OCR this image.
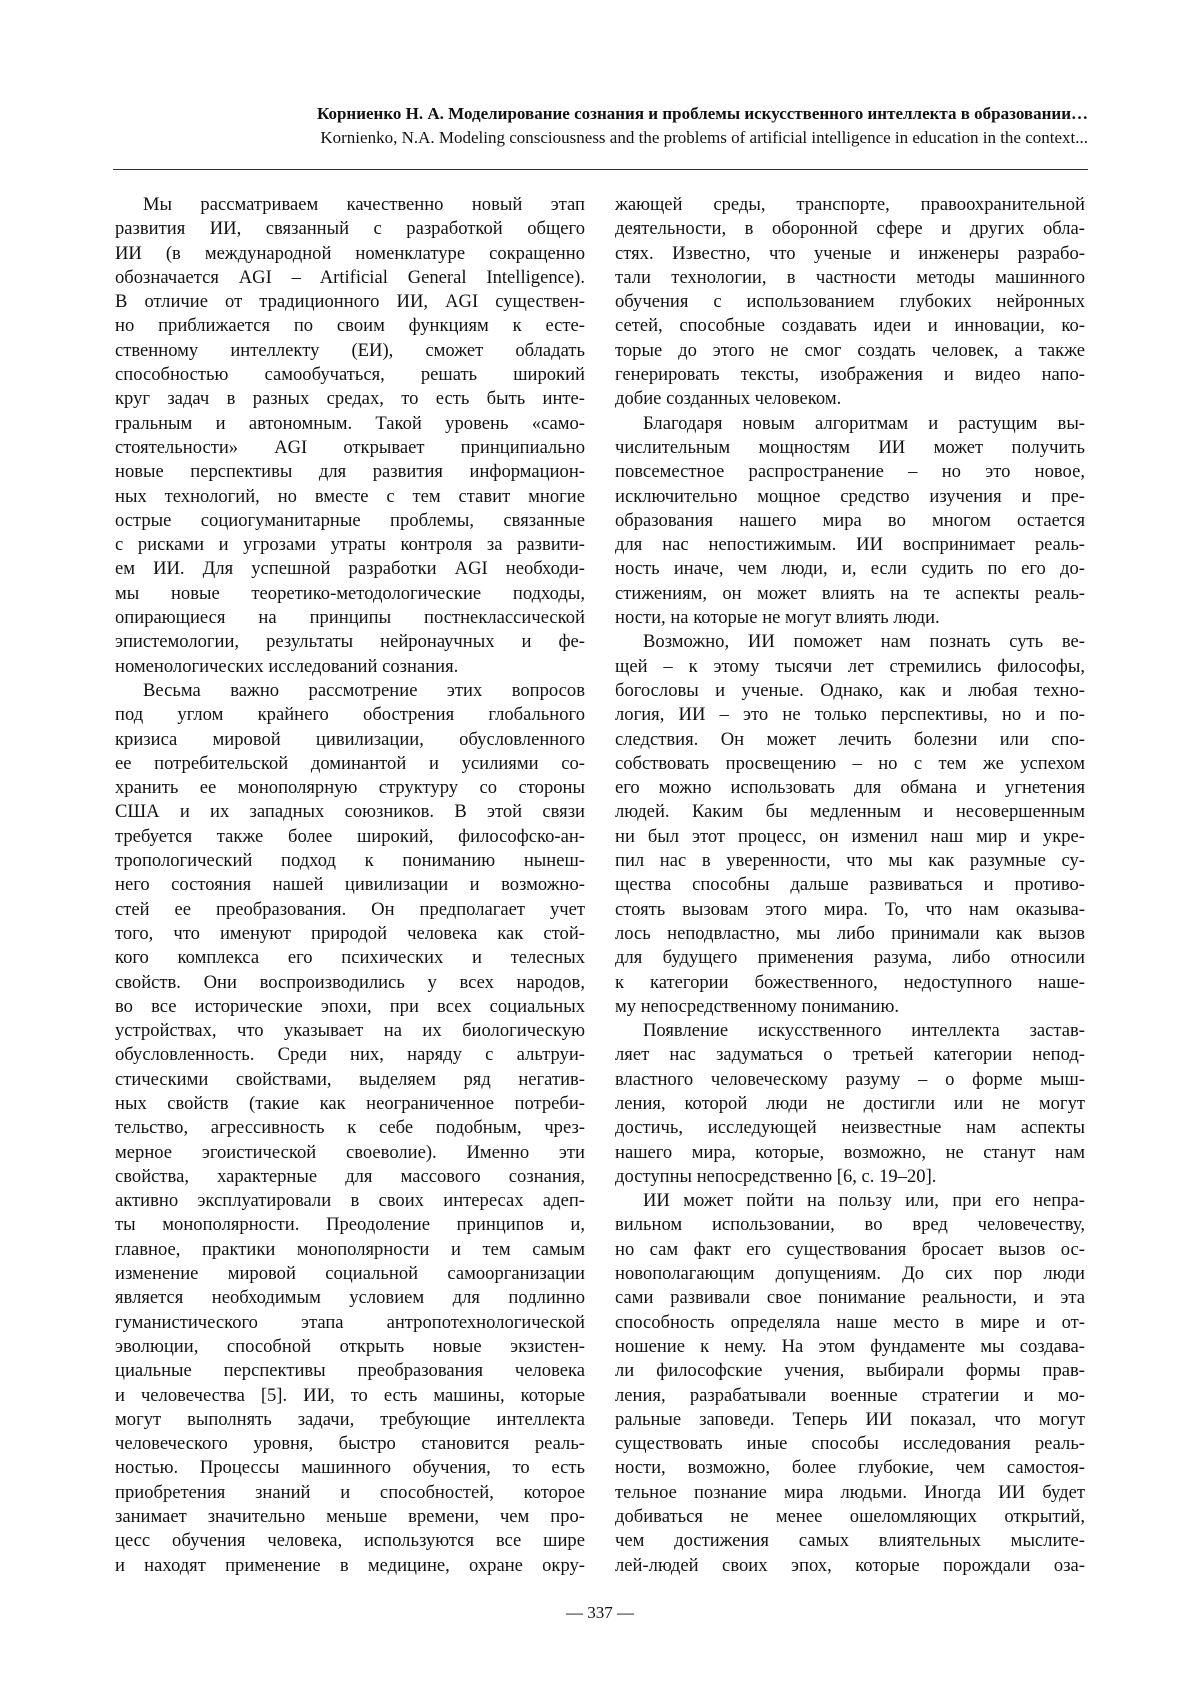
Корниенко Н. А. Моделирование сознания и проблемы искусственного интеллекта в образовании…
Kornienko, N.A. Modeling consciousness and the problems of artificial intelligence in education in the context...
Мы рассматриваем качественно новый этап
развития ИИ, связанный с разработкой общего
ИИ (в международной номенклатуре сокращенно
обозначается AGI – Artificial General Intelligence).
В отличие от традиционного ИИ, AGI существен-
но приближается по своим функциям к есте-
ственному интеллекту (ЕИ), сможет обладать
способностью самообучаться, решать широкий
круг задач в разных средах, то есть быть инте-
гральным и автономным. Такой уровень «само-
стоятельности» AGI открывает принципиально
новые перспективы для развития информацион-
ных технологий, но вместе с тем ставит многие
острые социогуманитарные проблемы, связанные
с рисками и угрозами утраты контроля за развити-
ем ИИ. Для успешной разработки AGI необходи-
мы новые теоретико-методологические подходы,
опирающиеся на принципы постнеклассической
эпистемологии, результаты нейронаучных и фе-
номенологических исследований сознания.
Весьма важно рассмотрение этих вопросов
под углом крайнего обострения глобального
кризиса мировой цивилизации, обусловленного
ее потребительской доминантой и усилиями со-
хранить ее монополярную структуру со стороны
США и их западных союзников. В этой связи
требуется также более широкий, философско-ан-
тропологический подход к пониманию нынеш-
него состояния нашей цивилизации и возможно-
стей ее преобразования. Он предполагает учет
того, что именуют природой человека как стой-
кого комплекса его психических и телесных
свойств. Они воспроизводились у всех народов,
во все исторические эпохи, при всех социальных
устройствах, что указывает на их биологическую
обусловленность. Среди них, наряду с альтруи-
стическими свойствами, выделяем ряд негатив-
ных свойств (такие как неограниченное потреби-
тельство, агрессивность к себе подобным, чрез-
мерное эгоистической своеволие). Именно эти
свойства, характерные для массового сознания,
активно эксплуатировали в своих интересах адеп-
ты монополярности. Преодоление принципов и,
главное, практики монополярности и тем самым
изменение мировой социальной самоорганизации
является необходимым условием для подлинно
гуманистического этапа антропотехнологической
эволюции, способной открыть новые экзистен-
циальные перспективы преобразования человека
и человечества [5]. ИИ, то есть машины, которые
могут выполнять задачи, требующие интеллекта
человеческого уровня, быстро становится реаль-
ностью. Процессы машинного обучения, то есть
приобретения знаний и способностей, которое
занимает значительно меньше времени, чем про-
цесс обучения человека, используются все шире
и находят применение в медицине, охране окру-
жающей среды, транспорте, правоохранительной
деятельности, в оборонной сфере и других обла-
стях. Известно, что ученые и инженеры разрабо-
тали технологии, в частности методы машинного
обучения с использованием глубоких нейронных
сетей, способные создавать идеи и инновации, ко-
торые до этого не смог создать человек, а также
генерировать тексты, изображения и видео напо-
добие созданных человеком.
Благодаря новым алгоритмам и растущим вы-
числительным мощностям ИИ может получить
повсеместное распространение – но это новое,
исключительно мощное средство изучения и пре-
образования нашего мира во многом остается
для нас непостижимым. ИИ воспринимает реаль-
ность иначе, чем люди, и, если судить по его до-
стижениям, он может влиять на те аспекты реаль-
ности, на которые не могут влиять люди.
Возможно, ИИ поможет нам познать суть ве-
щей – к этому тысячи лет стремились философы,
богословы и ученые. Однако, как и любая техно-
логия, ИИ – это не только перспективы, но и по-
следствия. Он может лечить болезни или спо-
собствовать просвещению – но с тем же успехом
его можно использовать для обмана и угнетения
людей. Каким бы медленным и несовершенным
ни был этот процесс, он изменил наш мир и укре-
пил нас в уверенности, что мы как разумные су-
щества способны дальше развиваться и противо-
стоять вызовам этого мира. То, что нам оказыва-
лось неподвластно, мы либо принимали как вызов
для будущего применения разума, либо относили
к категории божественного, недоступного наше-
му непосредственному пониманию.
Появление искусственного интеллекта застав-
ляет нас задуматься о третьей категории непод-
властного человеческому разуму – о форме мыш-
ления, которой люди не достигли или не могут
достичь, исследующей неизвестные нам аспекты
нашего мира, которые, возможно, не станут нам
доступны непосредственно [6, с. 19–20].
ИИ может пойти на пользу или, при его непра-
вильном использовании, во вред человечеству,
но сам факт его существования бросает вызов ос-
новополагающим допущениям. До сих пор люди
сами развивали свое понимание реальности, и эта
способность определяла наше место в мире и от-
ношение к нему. На этом фундаменте мы создава-
ли философские учения, выбирали формы прав-
ления, разрабатывали военные стратегии и мо-
ральные заповеди. Теперь ИИ показал, что могут
существовать иные способы исследования реаль-
ности, возможно, более глубокие, чем самостоя-
тельное познание мира людьми. Иногда ИИ будет
добиваться не менее ошеломляющих открытий,
чем достижения самых влиятельных мыслите-
лей-людей своих эпох, которые порождали оза-
— 337 —
